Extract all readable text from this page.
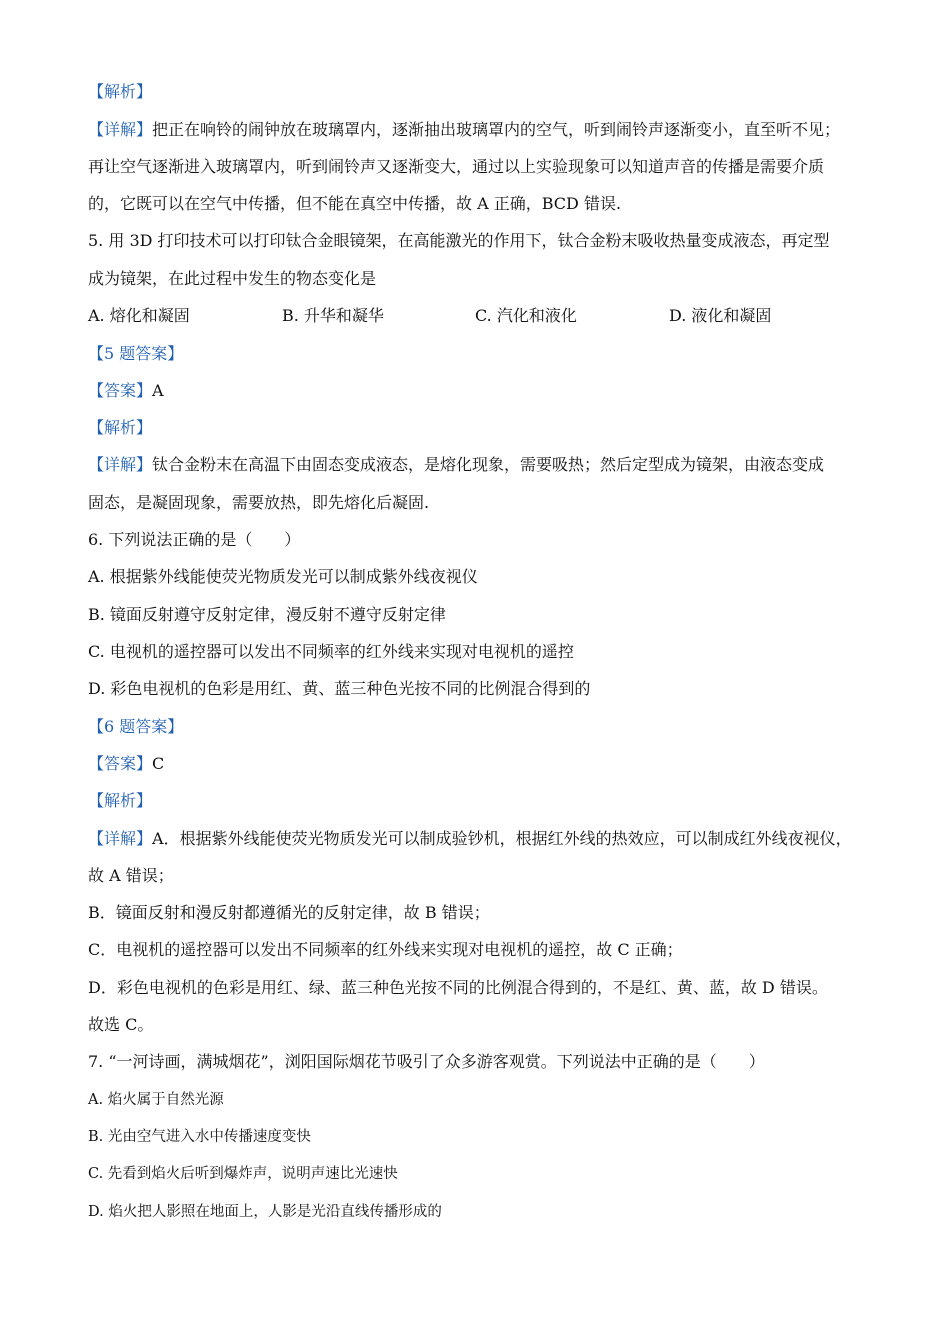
【解析】
【详解】把正在响铃的闹钟放在玻璃罩内，逐渐抽出玻璃罩内的空气，听到闹铃声逐渐变小，直至听不见；
再让空气逐渐进入玻璃罩内，听到闹铃声又逐渐变大，通过以上实验现象可以知道声音的传播是需要介质
的，它既可以在空气中传播，但不能在真空中传播，故 A 正确，BCD 错误.
5. 用 3D 打印技术可以打印钛合金眼镜架，在高能激光的作用下，钛合金粉末吸收热量变成液态，再定型
成为镜架，在此过程中发生的物态变化是
A. 熔化和凝固	B. 升华和凝华	C. 汽化和液化	D. 液化和凝固
【5 题答案】
【答案】A
【解析】
【详解】钛合金粉末在高温下由固态变成液态，是熔化现象，需要吸热；然后定型成为镜架，由液态变成
固态，是凝固现象，需要放热，即先熔化后凝固.
6. 下列说法正确的是（　　）
A. 根据紫外线能使荧光物质发光可以制成紫外线夜视仪
B. 镜面反射遵守反射定律，漫反射不遵守反射定律
C. 电视机的遥控器可以发出不同频率的红外线来实现对电视机的遥控
D. 彩色电视机的色彩是用红、黄、蓝三种色光按不同的比例混合得到的
【6 题答案】
【答案】C
【解析】
【详解】A．根据紫外线能使荧光物质发光可以制成验钞机，根据红外线的热效应，可以制成红外线夜视仪，
故 A 错误；
B．镜面反射和漫反射都遵循光的反射定律，故 B 错误；
C．电视机的遥控器可以发出不同频率的红外线来实现对电视机的遥控，故 C 正确；
D．彩色电视机的色彩是用红、绿、蓝三种色光按不同的比例混合得到的，不是红、黄、蓝，故 D 错误。
故选 C。
7. “一河诗画，满城烟花”，浏阳国际烟花节吸引了众多游客观赏。下列说法中正确的是（　　）
A. 焰火属于自然光源
B. 光由空气进入水中传播速度变快
C. 先看到焰火后听到爆炸声，说明声速比光速快
D. 焰火把人影照在地面上，人影是光沿直线传播形成的
